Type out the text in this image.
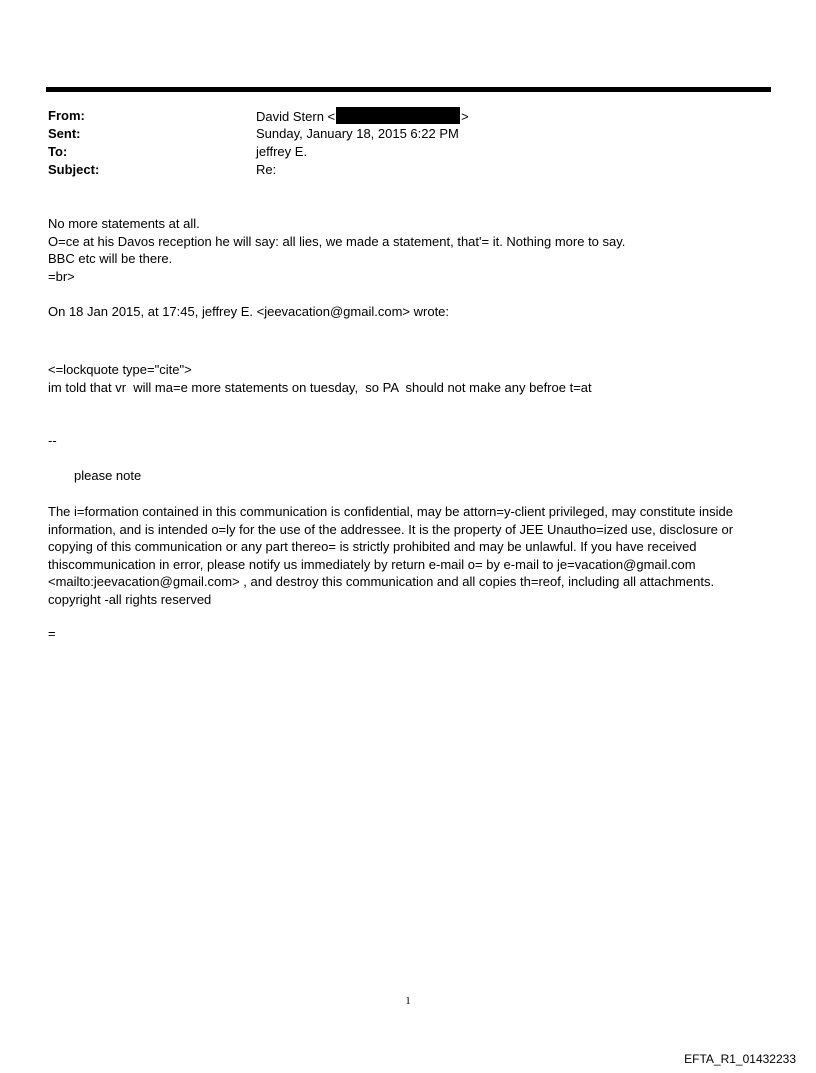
From:	David Stern <	>
Sent:	Sunday, January 18, 2015 6:22 PM
To:	jeffrey E.
Subject:	Re:

No more statements at all.

O=ce at his Davos reception he will say: all lies, we made a statement, that'= it. Nothing more to say.

BBC etc will be there.

=br>

On 18 Jan 2015, at 17:45, jeffrey E. <jeevacation@gmail.com> wrote:

<=lockquote type="cite">

im told that vr  will ma=e more statements on tuesday,  so PA  should not make any befroe t=at

--

please note

The i=formation contained in this communication is confidential, may be attorn=y-client privileged, may constitute inside information, and is intended o=ly for the use of the addressee. It is the property of JEE Unautho=ized use, disclosure or copying of this communication or any part thereo= is strictly prohibited and may be unlawful. If you have received thiscommunication in error, please notify us immediately by return e-mail o= by e-mail to je=vacation@gmail.com <mailto:jeevacation@gmail.com> , and destroy this communication and all copies th=reof, including all attachments. copyright -all rights reserved

=

1
EFTA_R1_01432233
